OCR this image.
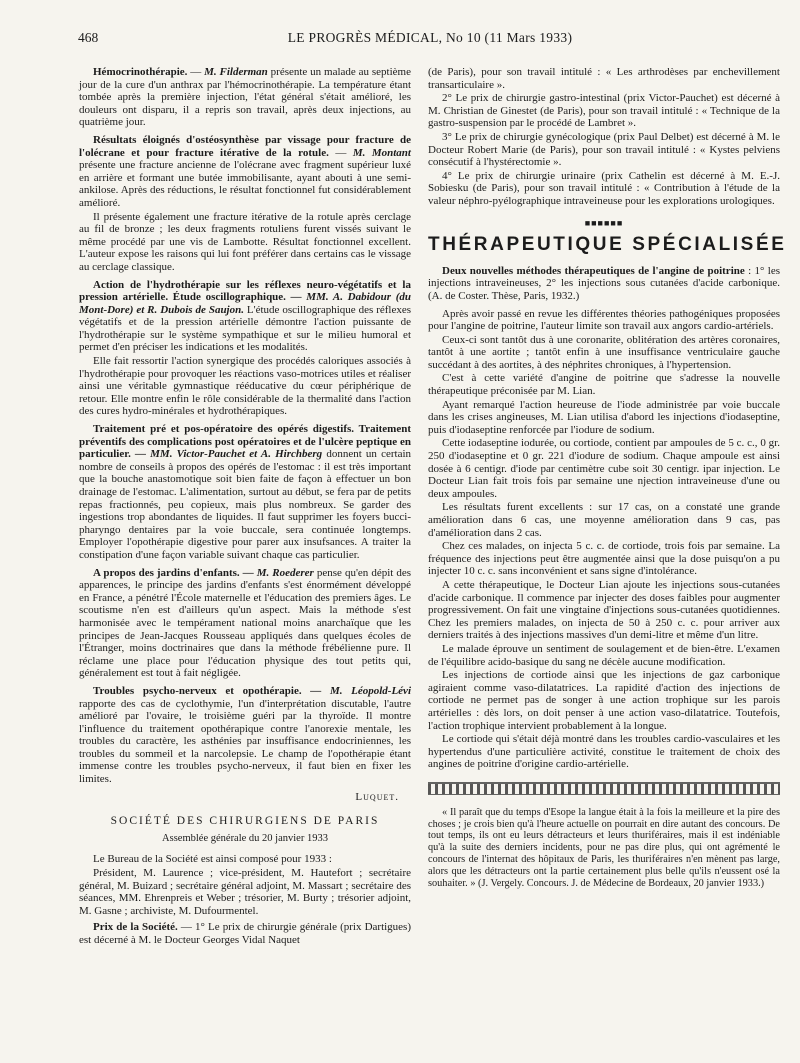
468	LE PROGRÈS MÉDICAL, No 10 (11 Mars 1933)

Hémocrinothérapie. — M. Filderman présente un malade au septième jour de la cure d'un anthrax par l'hémocrinothérapie. La température étant tombée après la première injection, l'état général s'était amélioré, les douleurs ont disparu, il a repris son travail, après deux injections, au quatrième jour.

Résultats éloignés d'ostéosynthèse par vissage pour fracture de l'olécrane et pour fracture itérative de la rotule. — M. Montant présente une fracture ancienne de l'olécrane avec fragment supérieur luxé en arrière et formant une butée immobilisante, ayant abouti à une semi-ankilose. Après des réductions, le résultat fonctionnel fut considérablement amélioré.

Il présente également une fracture itérative de la rotule après cerclage au fil de bronze ; les deux fragments rotuliens furent vissés suivant le même procédé par une vis de Lambotte. Résultat fonctionnel excellent. L'auteur expose les raisons qui lui font préférer dans certains cas le vissage au cerclage classique.

Action de l'hydrothérapie sur les réflexes neuro-végétatifs et la pression artérielle. Étude oscillographique. — MM. A. Dabidour (du Mont-Dore) et R. Dubois de Saujon. L'étude oscillographique des réflexes végétatifs et de la pression artérielle démontre l'action puissante de l'hydrothérapie sur le système sympathique et sur le milieu humoral et permet d'en préciser les indications et les modalités.

Elle fait ressortir l'action synergique des procédés caloriques associés à l'hydrothérapie pour provoquer les réactions vaso-motrices utiles et réaliser ainsi une véritable gymnastique rééducative du cœur périphérique de retour. Elle montre enfin le rôle considérable de la thermalité dans l'action des cures hydro-minérales et hydrothérapiques.

Traitement pré et pos-opératoire des opérés digestifs. Traitement préventifs des complications post opératoires et de l'ulcère peptique en particulier. — MM. Victor-Pauchet et A. Hirchberg donnent un certain nombre de conseils à propos des opérés de l'estomac : il est très important que la bouche anastomotique soit bien faite de façon à effectuer un bon drainage de l'estomac. L'alimentation, surtout au début, se fera par de petits repas fractionnés, peu copieux, mais plus nombreux. Se garder des ingestions trop abondantes de liquides. Il faut supprimer les foyers bucci-pharyngo dentaires par la voie buccale, sera continuée longtemps. Employer l'opothérapie digestive pour parer aux insufsances. A traiter la constipation d'une façon variable suivant chaque cas particulier.

A propos des jardins d'enfants. — M. Roederer pense qu'en dépit des apparences, le principe des jardins d'enfants s'est énormément développé en France, a pénétré l'École maternelle et l'éducation des premiers âges. Le scoutisme n'en est d'ailleurs qu'un aspect. Mais la méthode s'est harmonisée avec le tempérament national moins anarchaïque que les principes de Jean-Jacques Rousseau appliqués dans quelques écoles de l'Étranger, moins doctrinaires que dans la méthode frébélienne pure. Il réclame une place pour l'éducation physique des tout petits qui, généralement est tout à fait négligée.

Troubles psycho-nerveux et opothérapie. — M. Léopold-Lévi rapporte des cas de cyclothymie, l'un d'interprétation discutable, l'autre amélioré par l'ovaire, le troisième guéri par la thyroïde. Il montre l'influence du traitement opothérapique contre l'anorexie mentale, les troubles du caractère, les asthénies par insuffisance endocriniennes, les troubles du sommeil et la narcolepsie. Le champ de l'opothérapie étant immense contre les troubles psycho-nerveux, il faut bien en fixer les limites.

Luquet.
SOCIÉTÉ DES CHIRURGIENS DE PARIS
Assemblée générale du 20 janvier 1933

Le Bureau de la Société est ainsi composé pour 1933 :

Président, M. Laurence ; vice-président, M. Hautefort ; secrétaire général, M. Buizard ; secrétaire général adjoint, M. Massart ; secrétaire des séances, MM. Ehrenpreis et Weber ; trésorier, M. Burty ; trésorier adjoint, M. Gasne ; archiviste, M. Dufourmentel.

Prix de la Société. — 1° Le prix de chirurgie générale (prix Dartigues) est décerné à M. le Docteur Georges Vidal Naquet

(de Paris), pour son travail intitulé : « Les arthrodèses par enchevillement transarticulaire ».

2° Le prix de chirurgie gastro-intestinal (prix Victor-Pauchet) est décerné à M. Christian de Ginestet (de Paris), pour son travail intitulé : « Technique de la gastro-suspension par le procédé de Lambret ».

3° Le prix de chirurgie gynécologique (prix Paul Delbet) est décerné à M. le Docteur Robert Marie (de Paris), pour son travail intitulé : « Kystes pelviens consécutif à l'hystérectomie ».

4° Le prix de chirurgie urinaire (prix Cathelin est décerné à M. E.-J. Sobiesku (de Paris), pour son travail intitulé : « Contribution à l'étude de la valeur néphro-pyélographique intraveineuse pour les explorations urologiques.

■■■■■■
THÉRAPEUTIQUE SPÉCIALISÉE

Deux nouvelles méthodes thérapeutiques de l'angine de poitrine : 1° les injections intraveineuses, 2° les injections sous cutanées d'acide carbonique. (A. de Coster. Thèse, Paris, 1932.)

Après avoir passé en revue les différentes théories pathogéniques proposées pour l'angine de poitrine, l'auteur limite son travail aux angors cardio-artériels.

Ceux-ci sont tantôt dus à une coronarite, oblitération des artères coronaires, tantôt à une aortite ; tantôt enfin à une insuffisance ventriculaire gauche succédant à des aortites, à des néphrites chroniques, à l'hypertension.

C'est à cette variété d'angine de poitrine que s'adresse la nouvelle thérapeutique préconisée par M. Lian.

Ayant remarqué l'action heureuse de l'iode administrée par voie buccale dans les crises angineuses, M. Lian utilisa d'abord les injections d'iodaseptine, puis d'iodaseptine renforcée par l'iodure de sodium.

Cette iodaseptine iodurée, ou cortiode, contient par ampoules de 5 c. c., 0 gr. 250 d'iodaseptine et 0 gr. 221 d'iodure de sodium. Chaque ampoule est ainsi dosée à 6 centigr. d'iode par centimètre cube soit 30 centigr. ipar injection. Le Docteur Lian fait trois fois par semaine une njection intraveineuse d'une ou deux ampoules.

Les résultats furent excellents : sur 17 cas, on a constaté une grande amélioration dans 6 cas, une moyenne amélioration dans 9 cas, pas d'amélioration dans 2 cas.

Chez ces malades, on injecta 5 c. c. de cortiode, trois fois par semaine. La fréquence des injections peut être augmentée ainsi que la dose puisqu'on a pu injecter 10 c. c. sans inconvénient et sans signe d'intolérance.

A cette thérapeutique, le Docteur Lian ajoute les injections sous-cutanées d'acide carbonique. Il commence par injecter des doses faibles pour augmenter progressivement. On fait une vingtaine d'injections sous-cutanées quotidiennes. Chez les premiers malades, on injecta de 50 à 250 c. c. pour arriver aux derniers traités à des injections massives d'un demi-litre et même d'un litre.

Le malade éprouve un sentiment de soulagement et de bien-être. L'examen de l'équilibre acido-basique du sang ne décèle aucune modification.

Les injections de cortiode ainsi que les injections de gaz carbonique agiraient comme vaso-dilatatrices. La rapidité d'action des injections de cortiode ne permet pas de songer à une action trophique sur les parois artérielles : dès lors, on doit penser à une action vaso-dilatatrice. Toutefois, l'action trophique intervient probablement à la longue.

Le cortiode qui s'était déjà montré dans les troubles cardio-vasculaires et les hypertendus d'une particulière activité, constitue le traitement de choix des angines de poitrine d'origine cardio-artérielle.

« Il paraît que du temps d'Esope la langue était à la fois la meilleure et la pire des choses ; je crois bien qu'à l'heure actuelle on pourrait en dire autant des concours. De tout temps, ils ont eu leurs détracteurs et leurs thuriféraires, mais il est indéniable qu'à la suite des derniers incidents, pour ne pas dire plus, qui ont agrémenté le concours de l'internat des hôpitaux de Paris, les thuriféraires n'en mènent pas large, alors que les détracteurs ont la partie certainement plus belle qu'ils n'eussent osé la souhaiter. » (J. Vergely. Concours. J. de Médecine de Bordeaux, 20 janvier 1933.)
